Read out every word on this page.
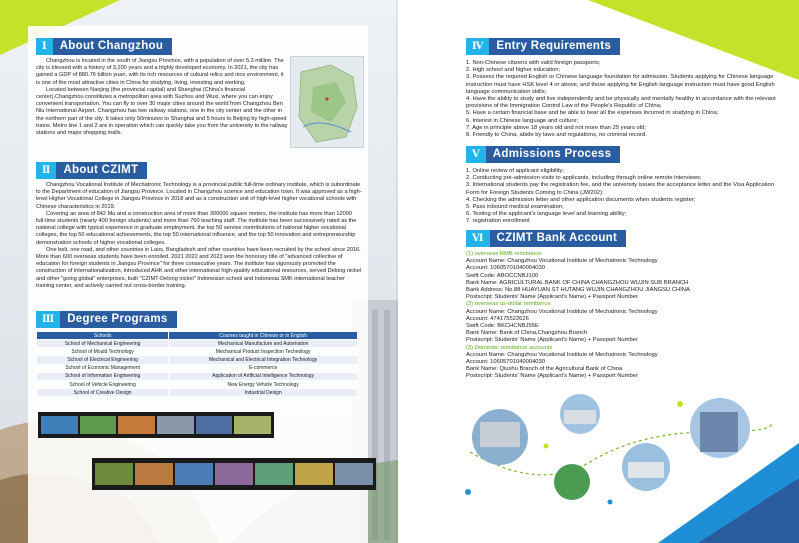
Ⅰ	About Changzhou

Changzhou is located in the south of Jiangsu Province, with a population of over 5.3 million. The city is blessed with a history of 3,200 years and a highly developed economy. In 2021, the city has gained a GDP of 880.76 billion yuan, with its rich resources of cultural relics and nice environment, it is one of the most attractive cities in China for studying, living, investing and working.

Located between Nanjing (the provincial capital) and Shanghai (China's financial center),Changzhou constitutes a metropolitan area with Suzhou and Wuxi, where you can enjoy convenient transportation. You can fly to over 30 major cities around the world from Changzhou Ben Niu International Airport. Changzhou has two railway stations, one in the city center and the other in the northern part of the city. It takes only 50minutes to Shanghai and 5 hours to Beijing by high-speed trains. Metro line 1 and 2 are in operation which can quickly take you from the university to the railway stations and major shopping malls.

Ⅱ	About CZIMT

Changzhou Vocational Institute of Mechatronic Technology is a provincial public full-time ordinary institute, which is subordinate to the Department of education of Jiangsu Province. Located in Changzhou science and education town. It was approved as a high-level Higher Vocational College in Jiangsu Province in 2018 and as a construction unit of high-level higher vocational schools with Chinese characteristics in 2019.

Covering an area of 842 Mu and a construction area of more than 300000 square meters, the institute has more than 12000 full-time students (nearly 400 foreign students) and more than 760 teaching staff. The institute has been successively rated as the national college with typical experience in graduate employment, the top 50 service contributions of national higher vocational colleges, the top 50 educational achievements, the top 50 international influence, and the top 50 innovation and entrepreneurship demonstration schools of higher vocational colleges.

One belt, one road, and other countries in Laos, Bangladesh and other countries have been recruited by the school since 2016. More than 600 overseas students have been enrolled. 2021 2022 and 2023 won the honorary title of "advanced collective of education for foreign students in Jiangsu Province" for three consecutive years. The institute has vigorously promoted the construction of internationalization, introduced AHK and other international high-quality educational resources, served Delong nickel and other "going global" enterprises, built "CZIMT-Delong nickel" Indonesian school and Indonesia SMK international teacher training center, and actively carried out cross-border training.

Ⅲ	Degree Programs
Schools	Courses taught in Chinese or in English
School of Mechanical Engineering	Mechanical Manufacture and Automation
School of Mould Technology	Mechanical Product Inspection Technology
School of Electrical Engineering	Mechanical and Electrical Integration Technology
School of Economic Management	E-commerce
School of Information Engineering	Application of Artificial Intelligence Technology
School of Vehicle Engineering	New Energy Vehicle Technology
School of Creative Design	Industrial Design
Ⅳ	Entry Requirements
1. Non-Chinese citizens with valid foreign passports;
2. High school and higher education;
3. Possess the required English or Chinese language foundation for admission. Students applying for Chinese language instruction must have HSK level 4 or above, and those applying for English language instruction must have good English language communication skills;
4. Have the ability to study and live independently and be physically and mentally healthy in accordance with the relevant provisions of the Immigration Control Law of the People's Republic of China;
5. Have a certain financial base and be able to bear all the expenses incurred in studying in China;
6. Interest in Chinese language and culture;
7. Age in principle above 18 years old and not more than 25 years old;
8. Friendly to China, abide by laws and regulations, no criminal record.
Ⅴ	Admissions Process
1. Online review of applicant eligibility;
2. Conducting pre-admission visits to applicants, including through online remote interviews;
3. International students pay the registration fee, and the university issues the acceptance letter and the Visa Application Form for Foreign Students Coming to China (JW202);
4. Checking the admission letter and other application documents when students register;
5. Pass inbound medical examination;
6. Testing of the applicant's language level and learning ability;
7. registration enrollment
Ⅵ	CZIMT Bank Account
(1) overseas RMB remittance
Account Name: Changzhou Vocational Institute of Mechatronic Technology
Account: 10605701040004030
Swift Code: ABOCCNBJ100
Bank Name: AGRICULTURAL BANK OF CHINA CHANGZHOU WUJIN SUB BRANCH
Bank Address: No.88 HUAYUAN ST HUTANG WUJIN CHANGZHOU JIANGSU CHINA
Postscript: Students' Name (Applicant's Name) + Passport Number
(2) overseas us-dollar remittance
Account Name: Changzhou Vocational Institute of Mechatronic Technology
Account: 474175522626
Swift Code: BKCHCNBJ95E
Bank Name: Bank of China,Changzhou Branch
Postscript: Students' Name (Applicant's Name) + Passport Number
(3) Domestic remittance accounts
Account Name: Changzhou Vocational Institute of Mechatronic Technology
Account: 10605701040004030
Bank Name: Qiushu Branch of the Agricultural Bank of China
Postscript: Students' Name (Applicant's Name) + Passport Number
